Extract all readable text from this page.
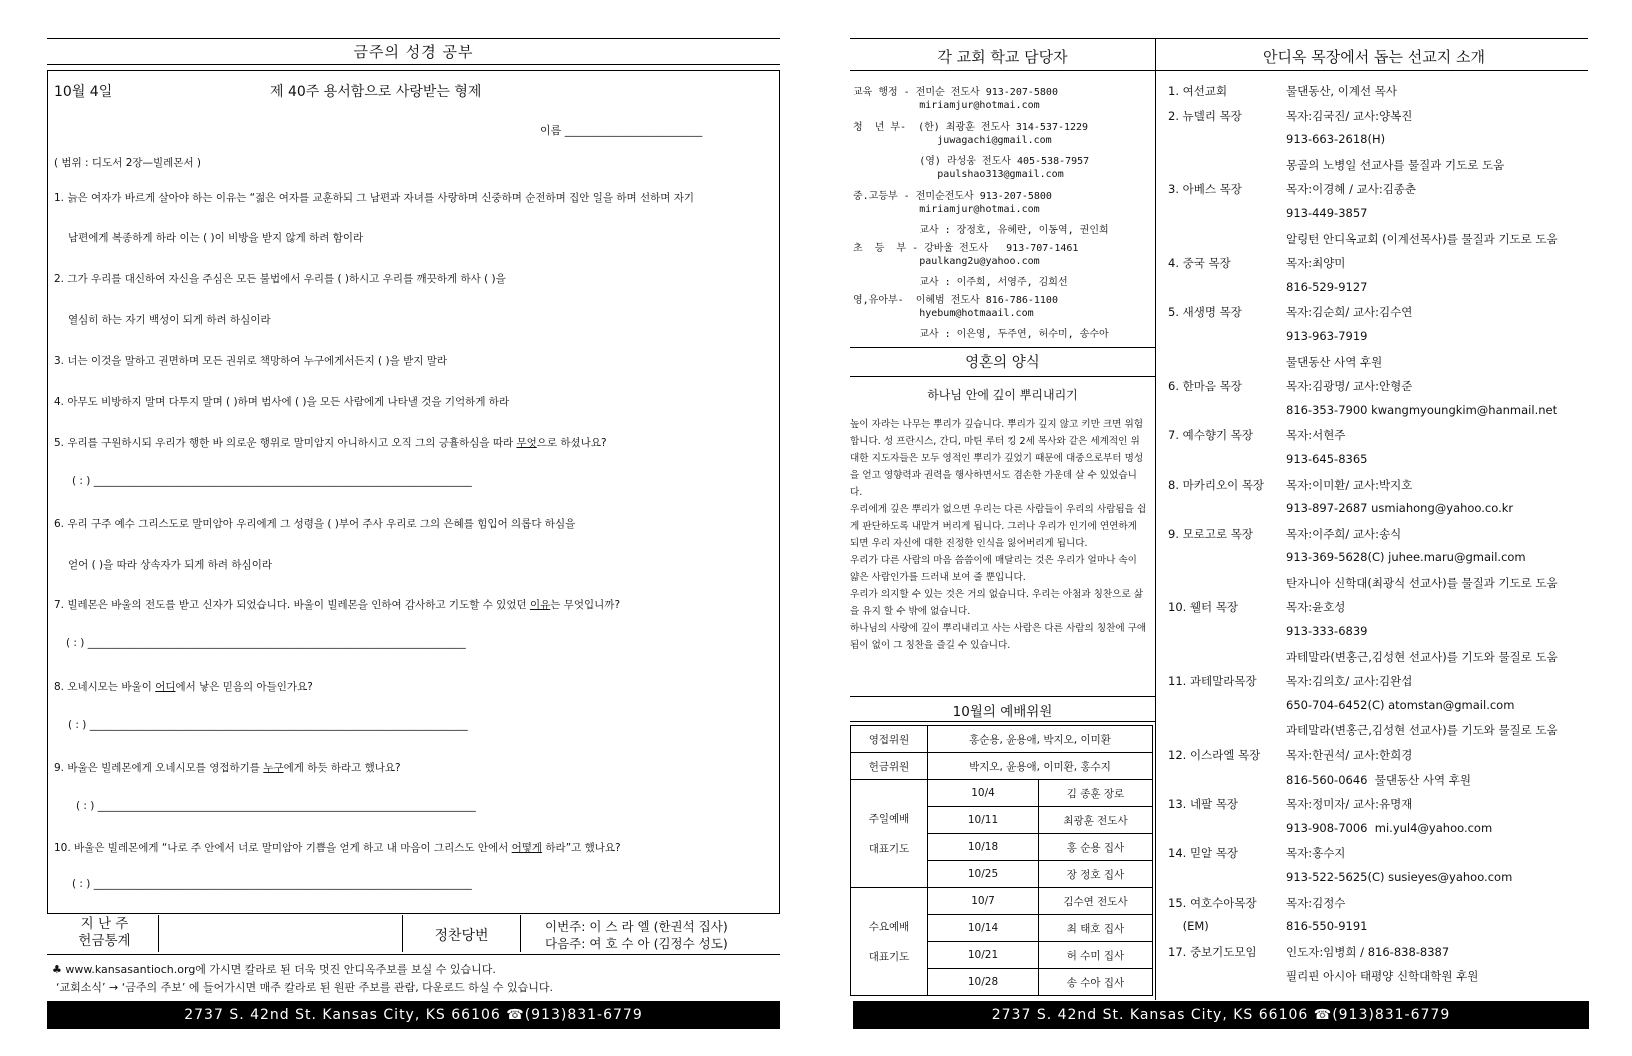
금주의 성경 공부
10월 4일	제 40주 용서함으로 사랑받는 형제
이름 _________________________
( 범위 : 디도서 2장—빌레몬서 )
1. 늙은 여자가 바르게 살아야 하는 이유는 “젊은 여자를 교훈하되 그 남편과 자녀를 사랑하며 신중하며 순전하며 집안 일을 하며 선하며 자기
남편에게 복종하게 하라 이는 ( )이 비방을 받지 않게 하려 함이라
2. 그가 우리를 대신하여 자신을 주심은 모든 불법에서 우리를 ( )하시고 우리를 깨끗하게 하사 ( )을
열심히 하는 자기 백성이 되게 하려 하심이라
3. 너는 이것을 말하고 권면하며 모든 권위로 책망하여 누구에게서든지 ( )을 받지 말라
4. 아무도 비방하지 말며 다투지 말며 ( )하며 범사에 ( )을 모든 사람에게 나타낼 것을 기억하게 하라
5. 우리를 구원하시되 우리가 행한 바 의로운 행위로 말미암지 아니하시고 오직 그의 긍휼하심을 따라 무엇으로 하셨나요?
( : ) ________________________________________________________________________
6. 우리 구주 예수 그리스도로 말미암아 우리에게 그 성령을 ( )부어 주사 우리로 그의 은혜를 힘입어 의롭다 하심을
얻어 ( )을 따라 상속자가 되게 하려 하심이라
7. 빌레몬은 바울의 전도를 받고 신자가 되었습니다. 바울이 빌레몬을 인하여 감사하고 기도할 수 있었던 이유는 무엇입니까?
( : ) ________________________________________________________________________
8. 오네시모는 바울이 어디에서 낳은 믿음의 아들인가요?
( : ) ________________________________________________________________________
9. 바울은 빌레몬에게 오네시모를 영접하기를 누구에게 하듯 하라고 했나요?
( : ) ________________________________________________________________________
10. 바울은 빌레몬에게 “나로 주 안에서 너로 말미암아 기쁨을 얻게 하고 내 마음이 그리스도 안에서 어떻게 하라”고 했나요?
( : ) ________________________________________________________________________
지 난 주
헌금통계	정찬당번
이번주: 이 스 라 엘 (한권석 집사)
다음주: 여 호 수 아 (김정수 성도)
♣ www.kansasantioch.org에 가시면 칼라로 된 더욱 멋진 안디옥주보를 보실 수 있습니다.
‘교회소식’ → ‘금주의 주보’ 에 들어가시면 매주 칼라로 된 원판 주보를 관람, 다운로드 하실 수 있습니다.
2737 S. 42nd St. Kansas City, KS 66106 ☎(913)831-6779
각 교회 학교 담당자	안디옥 목장에서 돕는 선교지 소개
교육 행정 - 전미순 전도사 913-207-5800
miriamjur@hotmai.com
청  년 부-  (한) 최광훈 전도사 314-537-1229
juwagachi@gmail.com
(영) 라성웅 전도사 405-538-7957
paulshao313@gmail.com
중.고등부 - 전미순전도사 913-207-5800
miriamjur@hotmai.com
교사 : 장정호, 유혜란, 이동역, 권인희
초  등  부 - 강바울 전도사   913-707-1461
paulkang2u@yahoo.com
교사 : 이주희, 서영주, 김희선
영,유아부-  이혜범 전도사 816-786-1100
hyebum@hotmaail.com
교사 : 이은영, 두주연, 허수미, 송수아
영혼의 양식
하나님 안에 깊이 뿌리내리기

높이 자라는 나무는 뿌리가 깊습니다. 뿌리가 깊지 않고 키만 크면 위험합니다. 성 프란시스, 간디, 마틴 루터 킹 2세 목사와 같은 세계적인 위대한 지도자들은 모두 영적인 뿌리가 깊었기 때문에 대중으로부터 명성을 얻고 영향력과 권력을 행사하면서도 겸손한 가운데 살 수 있었습니다.

우리에게 깊은 뿌리가 없으면 우리는 다른 사람들이 우리의 사람됨을 쉽게 판단하도록 내맡겨 버리게 됩니다. 그러나 우리가 인기에 연연하게 되면 우리 자신에 대한 진정한 인식을 잃어버리게 됩니다.

우리가 다른 사람의 마음 씀씀이에 매달리는 것은 우리가 얼마나 속이 얇은 사람인가를 드러내 보여 줄 뿐입니다.

우리가 의지할 수 있는 것은 거의 없습니다. 우리는 아첨과 칭찬으로 삶을 유지 할 수 밖에 없습니다.

하나님의 사랑에 깊이 뿌리내리고 사는 사람은 다른 사람의 칭찬에 구애됨이 없이 그 칭찬을 즐길 수 있습니다.

10월의 예배위원
영접위원	홍순용, 윤용애, 박지오, 이미환	
헌금위원	박지오, 윤용애, 이미환, 홍수지	

주일예배
대표기도	10/4	김 종훈 장로
	10/11	최광훈 전도사
	10/18	홍 순용 집사
	10/25	장 정호 집사

수요예배
대표기도	10/7	김수연 전도사
	10/14	최 태호 집사
	10/21	허 수미 집사
	10/28	송 수아 집사
1. 여선교회	물댄동산, 이계선 목사
2. 뉴델리 목장	목자:김국진/ 교사:양복진
913-663-2618(H)
몽골의 노병일 선교사를 물질과 기도로 도움
3. 아베스 목장	목자:이경혜 / 교사:김종춘
913-449-3857
알링턴 안디옥교회 (이계선목사)를 물질과 기도로 도움
4. 중국 목장	목자:최양미
816-529-9127
5. 새생명 목장	목자:김순희/ 교사:김수연
913-963-7919
물댄동산 사역 후원
6. 한마음 목장	목자:김광명/ 교사:안형준
816-353-7900 kwangmyoungkim@hanmail.net
7. 예수향기 목장	목자:서현주
913-645-8365
8. 마카리오이 목장	목자:이미환/ 교사:박지호
913-897-2687 usmiahong@yahoo.co.kr
9. 모로고로 목장	목자:이주희/ 교사:송식
913-369-5628(C) juhee.maru@gmail.com
탄자니아 신학대(최광식 선교사)를 물질과 기도로 도움
10. 웰터 목장	목자:윤호성
913-333-6839
과테말라(변홍근,김성현 선교사)를 기도와 물질로 도움
11. 과테말라목장	목자:김의호/ 교사:김완섭
650-704-6452(C) atomstan@gmail.com
과테말라(변홍근,김성현 선교사)를 기도와 물질로 도움
12. 이스라엘 목장	목자:한권석/ 교사:한희경
816-560-0646  물댄동산 사역 후원
13. 네팔 목장	목자:정미자/ 교사:유명재
913-908-7006  mi.yul4@yahoo.com
14. 믿알 목장	목자:홍수지
913-522-5625(C) susieyes@yahoo.com
15. 여호수아목장	목자:김정수
(EM)	816-550-9191
17. 중보기도모임	인도자:임병희 / 816-838-8387
필리핀 아시아 태평양 신학대학원 후원
2737 S. 42nd St. Kansas City, KS 66106 ☎(913)831-6779
